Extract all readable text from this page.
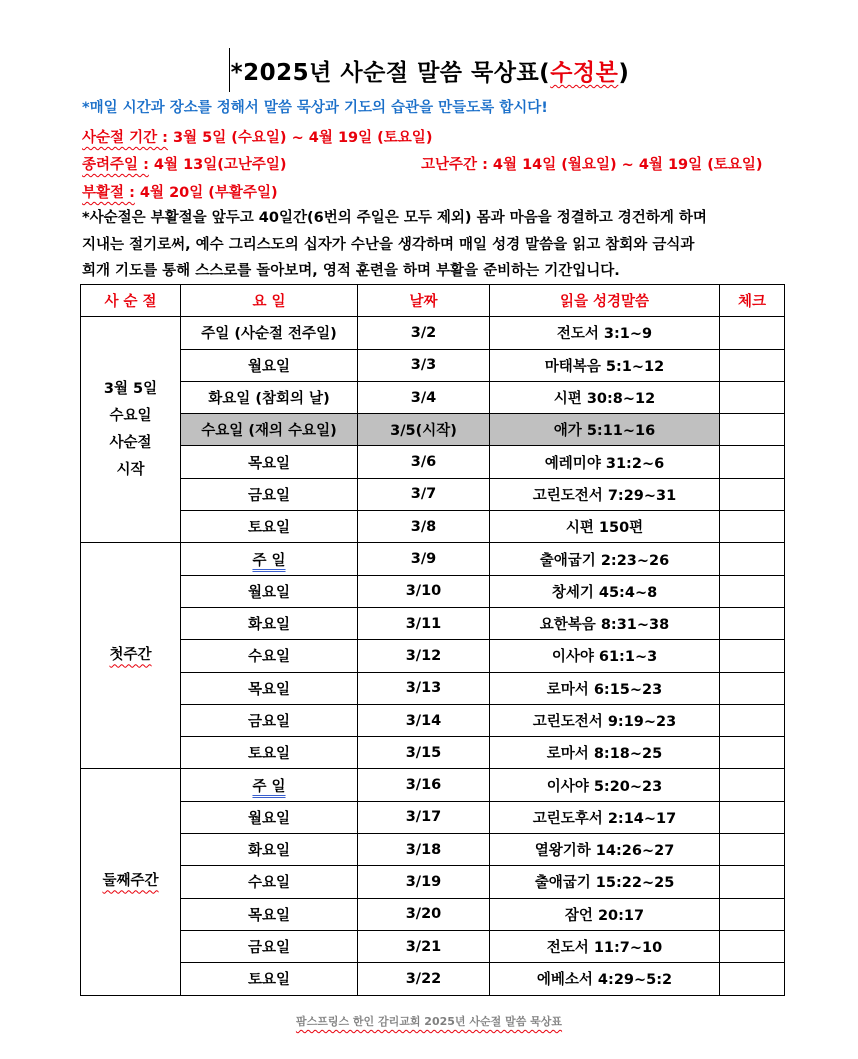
*2025년 사순절 말씀 묵상표(수정본)
*매일 시간과 장소를 정해서 말씀 묵상과 기도의 습관을 만들도록 합시다!
사순절 기간 : 3월 5일 (수요일) ~ 4월 19일 (토요일)
종려주일 : 4월 13일(고난주일)	고난주간 : 4월 14일 (월요일) ~ 4월 19일 (토요일)
부활절 : 4월 20일 (부활주일)
*사순절은 부활절을 앞두고 40일간(6번의 주일은 모두 제외) 몸과 마음을 정결하고 경건하게 하며
지내는 절기로써, 예수 그리스도의 십자가 수난을 생각하며 매일 성경 말씀을 읽고 참회와 금식과
희개 기도를 통해 스스로를 돌아보며, 영적 훈련을 하며 부활을 준비하는 기간입니다.
사 순 절	요 일	날짜	읽을 성경말씀	체크

3월 5일
수요일
사순절
시작	주일 (사순절 전주일)	3/2	전도서 3:1~9	
	월요일	3/3	마태복음 5:1~12	
	화요일 (참회의 날)	3/4	시편 30:8~12	
	수요일 (재의 수요일)	3/5(시작)	애가 5:11~16	
	목요일	3/6	예레미야 31:2~6	
	금요일	3/7	고린도전서 7:29~31	
	토요일	3/8	시편 150편	
첫주간	주 일	3/9	출애굽기 2:23~26	
	월요일	3/10	창세기 45:4~8	
	화요일	3/11	요한복음 8:31~38	
	수요일	3/12	이사야 61:1~3	
	목요일	3/13	로마서 6:15~23	
	금요일	3/14	고린도전서 9:19~23	
	토요일	3/15	로마서 8:18~25	
둘째주간	주 일	3/16	이사야 5:20~23	
	월요일	3/17	고린도후서 2:14~17	
	화요일	3/18	열왕기하 14:26~27	
	수요일	3/19	출애굽기 15:22~25	
	목요일	3/20	잠언 20:17	
	금요일	3/21	전도서 11:7~10	
	토요일	3/22	에베소서 4:29~5:2	
팜스프링스 한인 감리교회 2025년 사순절 말씀 묵상표
